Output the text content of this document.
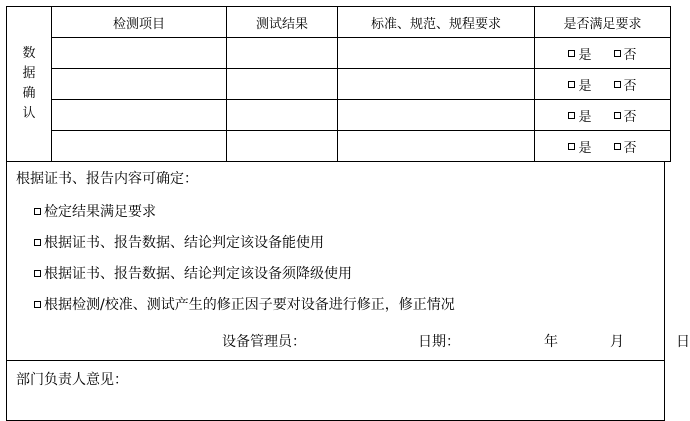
数
据
确
认	检测项目	测试结果	标准、规范、规程要求	是否满足要求

				是 否

				是 否

				是 否

				是 否
根据证书、报告内容可确定：
检定结果满足要求
根据证书、报告数据、结论判定该设备能使用
根据证书、报告数据、结论判定该设备须降级使用
根据检测/校准、测试产生的修正因子要对设备进行修正，修正情况
设备管理员：	日期：	年	月	日
部门负责人意见：
